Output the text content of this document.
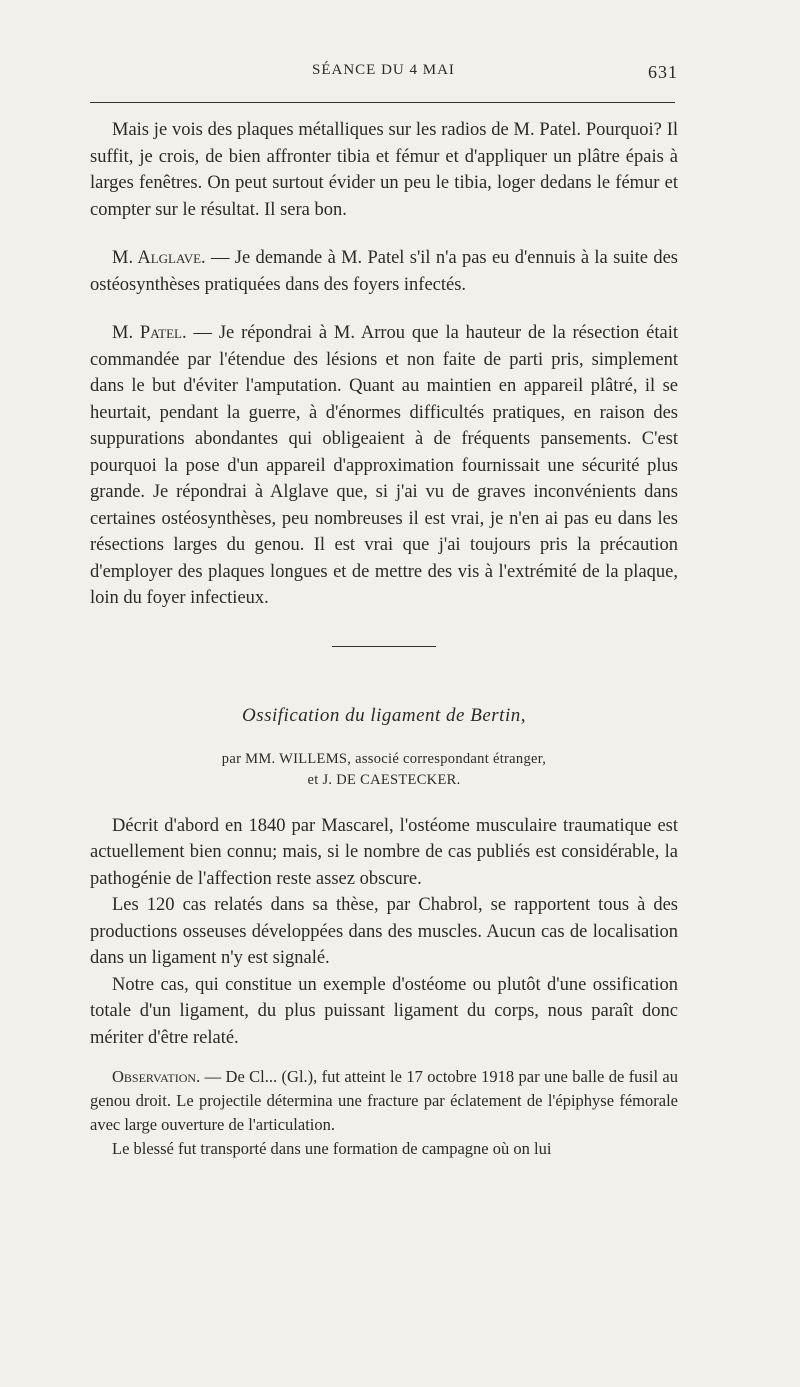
SÉANCE DU 4 MAI	631

Mais je vois des plaques métalliques sur les radios de M. Patel. Pourquoi? Il suffit, je crois, de bien affronter tibia et fémur et d'appliquer un plâtre épais à larges fenêtres. On peut surtout évider un peu le tibia, loger dedans le fémur et compter sur le résultat. Il sera bon.

M. Alglave. — Je demande à M. Patel s'il n'a pas eu d'ennuis à la suite des ostéosynthèses pratiquées dans des foyers infectés.

M. Patel. — Je répondrai à M. Arrou que la hauteur de la résection était commandée par l'étendue des lésions et non faite de parti pris, simplement dans le but d'éviter l'amputation. Quant au maintien en appareil plâtré, il se heurtait, pendant la guerre, à d'énormes difficultés pratiques, en raison des suppurations abondantes qui obligeaient à de fréquents pansements. C'est pourquoi la pose d'un appareil d'approximation fournissait une sécurité plus grande. Je répondrai à Alglave que, si j'ai vu de graves inconvénients dans certaines ostéosynthèses, peu nombreuses il est vrai, je n'en ai pas eu dans les résections larges du genou. Il est vrai que j'ai toujours pris la précaution d'employer des plaques longues et de mettre des vis à l'extrémité de la plaque, loin du foyer infectieux.

Ossification du ligament de Bertin,
par MM. WILLEMS, associé correspondant étranger,
et J. DE CAESTECKER.

Décrit d'abord en 1840 par Mascarel, l'ostéome musculaire traumatique est actuellement bien connu; mais, si le nombre de cas publiés est considérable, la pathogénie de l'affection reste assez obscure.

Les 120 cas relatés dans sa thèse, par Chabrol, se rapportent tous à des productions osseuses développées dans des muscles. Aucun cas de localisation dans un ligament n'y est signalé.

Notre cas, qui constitue un exemple d'ostéome ou plutôt d'une ossification totale d'un ligament, du plus puissant ligament du corps, nous paraît donc mériter d'être relaté.

Observation. — De Cl... (Gl.), fut atteint le 17 octobre 1918 par une balle de fusil au genou droit. Le projectile détermina une fracture par éclatement de l'épiphyse fémorale avec large ouverture de l'articulation.

Le blessé fut transporté dans une formation de campagne où on lui
